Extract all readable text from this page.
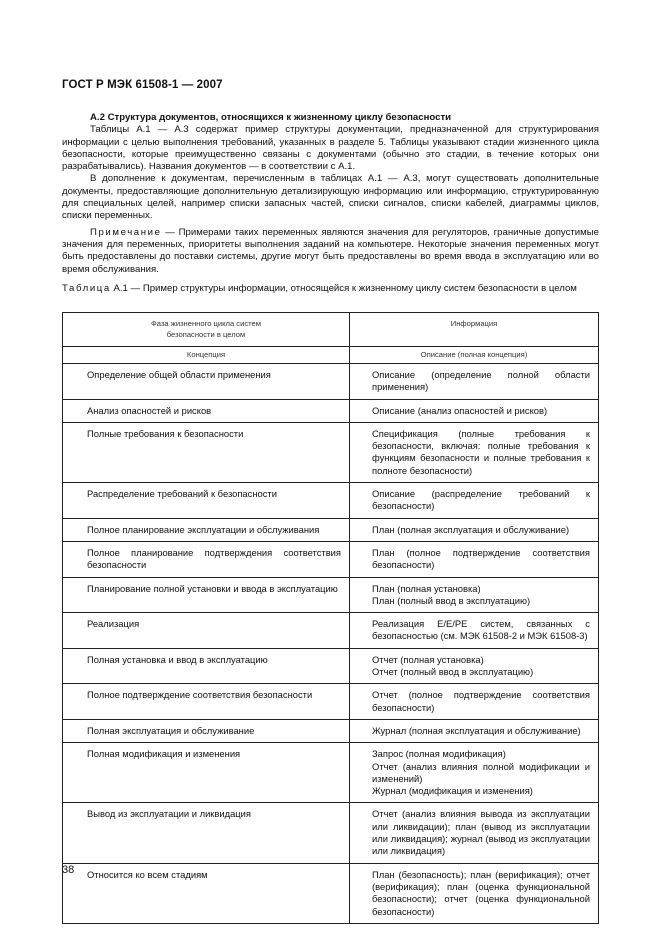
ГОСТ Р МЭК 61508-1 — 2007

А.2 Структура документов, относящихся к жизненному циклу безопасности

Таблицы А.1 — А.3 содержат пример структуры документации, предназначенной для структурирования информации с целью выполнения требований, указанных в разделе 5. Таблицы указывают стадии жизненного цикла безопасности, которые преимущественно связаны с документами (обычно это стадии, в течение которых они разрабатывались). Названия документов — в соответствии с А.1.

В дополнение к документам, перечисленным в таблицах А.1 — А.3, могут существовать дополнительные документы, предоставляющие дополнительную детализирующую информацию или информацию, структурированную для специальных целей, например списки запасных частей, списки сигналов, списки кабелей, диаграммы циклов, списки переменных.

Примечание — Примерами таких переменных являются значения для регуляторов, граничные допустимые значения для переменных, приоритеты выполнения заданий на компьютере. Некоторые значения переменных могут быть предоставлены до поставки системы, другие могут быть предоставлены во время ввода в эксплуатацию или во время обслуживания.

Таблица А.1 — Пример структуры информации, относящейся к жизненному циклу систем безопасности в целом
Фаза жизненного цикла систем
безопасности в целом	Информация
Концепция	Описание (полная концепция)
Определение общей области применения	Описание (определение полной области применения)

Анализ опасностей и рисков	Описание (анализ опасностей и рисков)

Полные требования к безопасности	Спецификация (полные требования к безопасности, включая: полные требования к функциям безопасности и полные требования к полноте безопасности)

Распределение требований к безопасности	Описание (распределение требований к безопасности)

Полное планирование эксплуатации и обслуживания	План (полная эксплуатация и обслуживание)

Полное планирование подтверждения соответствия безопасности	План (полное подтверждение соответствия безопасности)

Планирование полной установки и ввода в эксплуатацию	План (полная установка)
План (полный ввод в эксплуатацию)

Реализация	Реализация Е/Е/РЕ систем, связанных с безопасностью (см. МЭК 61508-2 и МЭК 61508-3)

Полная установка и ввод в эксплуатацию	Отчет (полная установка)
Отчет (полный ввод в эксплуатацию)

Полное подтверждение соответствия безопасности	Отчет (полное подтверждение соответствия безопасности)

Полная эксплуатация и обслуживание	Журнал (полная эксплуатация и обслуживание)

Полная модификация и изменения	Запрос (полная модификация)
Отчет (анализ влияния полной модификации и изменений)
Журнал (модификация и изменения)

Вывод из эксплуатации и ликвидация	Отчет (анализ влияния вывода из эксплуатации или ликвидации); план (вывод из эксплуатации или ликвидация); журнал (вывод из эксплуатации или ликвидация)

Относится ко всем стадиям	План (безопасность); план (верификация); отчет (верификация); план (оценка функциональной безопасности); отчет (оценка функциональной безопасности)
38
